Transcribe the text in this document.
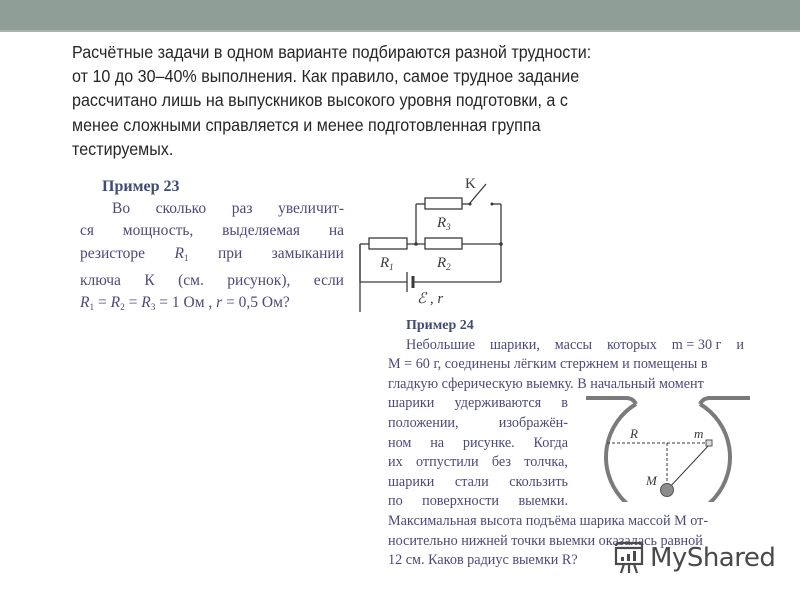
Расчётные задачи в одном варианте подбираются разной трудности:
от 10 до 30–40% выполнения. Как правило, самое трудное задание
рассчитано лишь на выпускников высокого уровня подготовки, а с
менее сложными справляется и менее подготовленная группа
тестируемых.
Пример 23
Во сколько раз увеличит-
ся мощность, выделяемая на
резисторе $R_1$ при замыкании
ключа К (см. рисунок), если
$R_1 = R_2 = R_3 = 1$ Ом , r = 0,5 Ом?
K
$R_3$
$R_1$	$R_2$
ℰ , r
Пример 24
Небольшие шарики, массы которых m = 30 г и
M = 60 г, соединены лёгким стержнем и помещены в
гладкую сферическую выемку. В начальный момент
шарики удерживаются в
положении,	изображён-
ном на рисунке. Когда
их отпустили без толчка,
шарики стали скользить
по поверхности выемки.
Максимальная высота подъёма шарика массой M от-
носительно нижней точки выемки оказалась равной
12 см. Каков радиус выемки R?
R	m
M
MyShared
